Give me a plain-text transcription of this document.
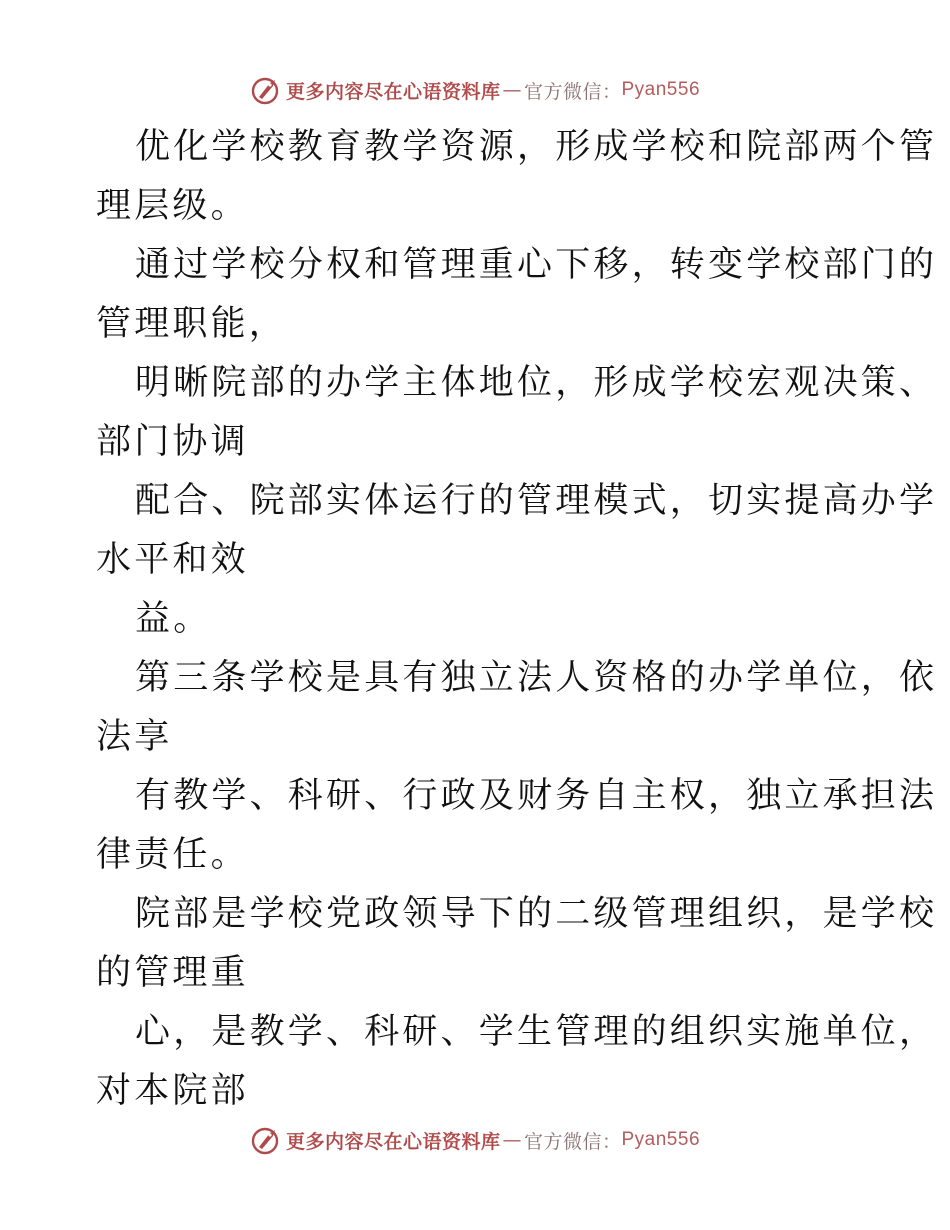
更多内容尽在心语资料库 — 官方微信： Pyan556
优化学校教育教学资源，形成学校和院部两个管
理层级。
通过学校分权和管理重心下移，转变学校部门的
管理职能，
明晰院部的办学主体地位，形成学校宏观决策、
部门协调
配合、院部实体运行的管理模式，切实提高办学
水平和效
益。
第三条学校是具有独立法人资格的办学单位，依
法享
有教学、科研、行政及财务自主权，独立承担法
律责任。
院部是学校党政领导下的二级管理组织，是学校
的管理重
心，是教学、科研、学生管理的组织实施单位，
对本院部
更多内容尽在心语资料库 — 官方微信： Pyan556
